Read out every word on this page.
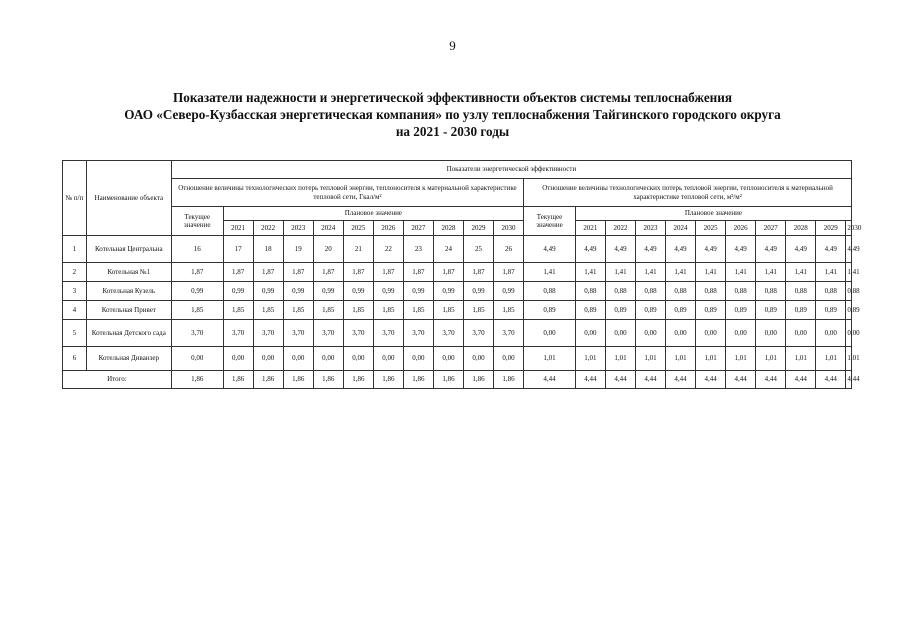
9
Показатели надежности и энергетической эффективности объектов системы теплоснабжения
ОАО «Северо-Кузбасская энергетическая компания» по узлу теплоснабжения Тайгинского городского округа
на 2021 - 2030 годы
№ п/п	Наименование объекта	Показатели энергетической эффективности																					
		Отношение величины технологических потерь тепловой энергии, теплоносителя к материальной характеристике тепловой сети, Гкал/м²											Отношение величины технологических потерь тепловой энергии, теплоносителя к материальной характеристике тепловой сети, м³/м²										
		Текущее значение	Плановое значение										Текущее значение	Плановое значение									
			2021	2022	2023	2024	2025	2026	2027	2028	2029	2030		2021	2022	2023	2024	2025	2026	2027	2028	2029	2030
1	Котельная Центральна	16	17	18	19	20	21	22	23	24	25	26	4,49	4,49	4,49	4,49	4,49	4,49	4,49	4,49	4,49	4,49	4,49
2	Котельная №1	1,87	1,87	1,87	1,87	1,87	1,87	1,87	1,87	1,87	1,87	1,87	1,41	1,41	1,41	1,41	1,41	1,41	1,41	1,41	1,41	1,41	1,41
3	Котельная Кузель	0,99	0,99	0,99	0,99	0,99	0,99	0,99	0,99	0,99	0,99	0,99	0,88	0,88	0,88	0,88	0,88	0,88	0,88	0,88	0,88	0,88	0,88
4	Котельная Привет	1,85	1,85	1,85	1,85	1,85	1,85	1,85	1,85	1,85	1,85	1,85	0,89	0,89	0,89	0,89	0,89	0,89	0,89	0,89	0,89	0,89	0,89
5	Котельная Детского сада	3,70	3,70	3,70	3,70	3,70	3,70	3,70	3,70	3,70	3,70	3,70	0,00	0,00	0,00	0,00	0,00	0,00	0,00	0,00	0,00	0,00	0,00
6	Котельная Диванзер	0,00	0,00	0,00	0,00	0,00	0,00	0,00	0,00	0,00	0,00	0,00	1,01	1,01	1,01	1,01	1,01	1,01	1,01	1,01	1,01	1,01	1,01
Итого:		1,86	1,86	1,86	1,86	1,86	1,86	1,86	1,86	1,86	1,86	1,86	4,44	4,44	4,44	4,44	4,44	4,44	4,44	4,44	4,44	4,44	4,44
